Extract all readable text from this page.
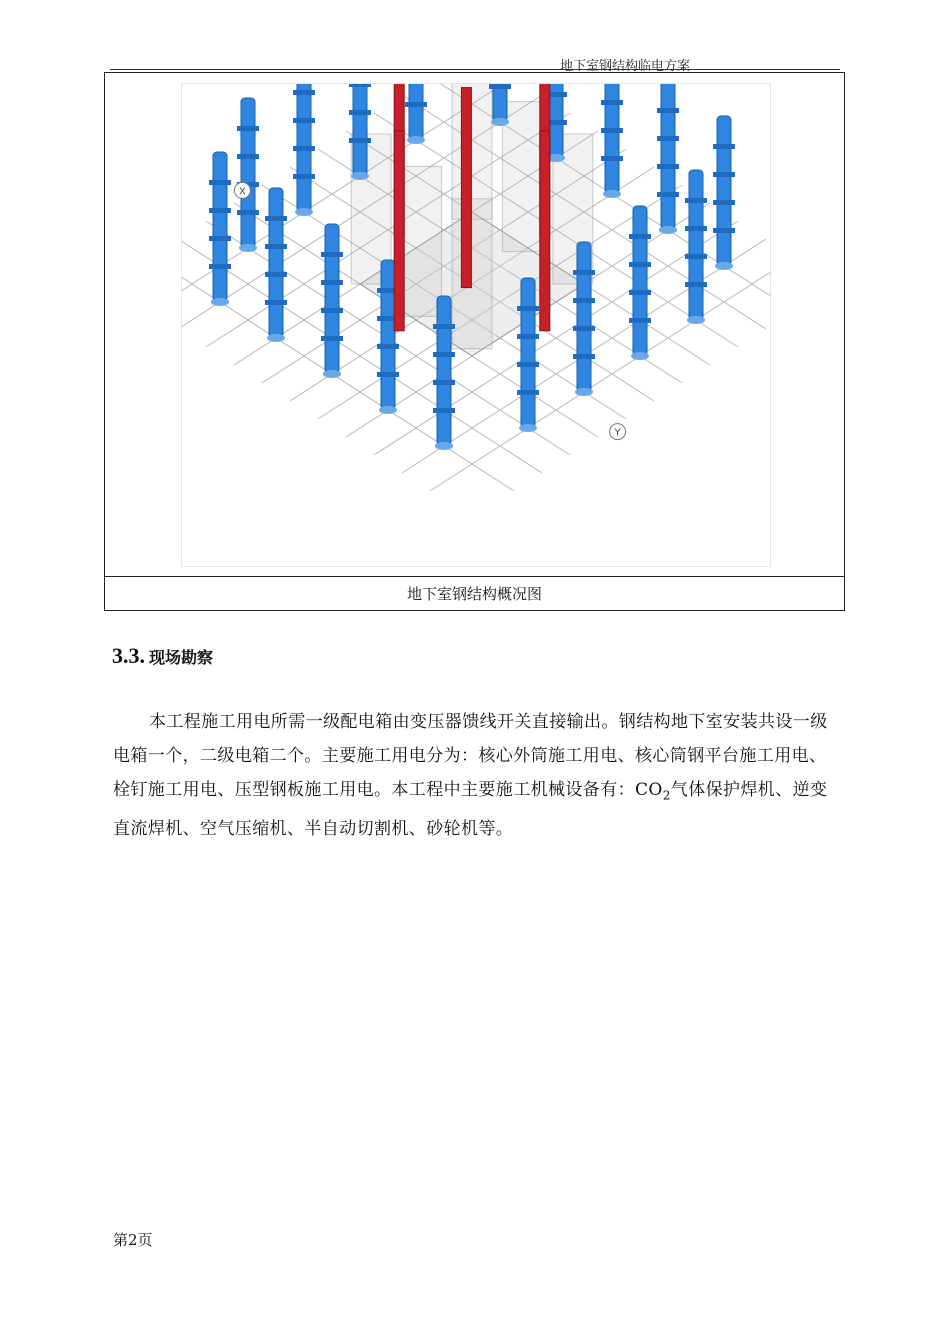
地下室钢结构临电方案
X
Y
地下室钢结构概况图
3.3. 现场勘察
本工程施工用电所需一级配电箱由变压器馈线开关直接输出。钢结构地下室安装共设一级电箱一个，二级电箱二个。主要施工用电分为：核心外筒施工用电、核心筒钢平台施工用电、栓钉施工用电、压型钢板施工用电。本工程中主要施工机械设备有：$CO_2$气体保护焊机、逆变直流焊机、空气压缩机、半自动切割机、砂轮机等。
第2页
